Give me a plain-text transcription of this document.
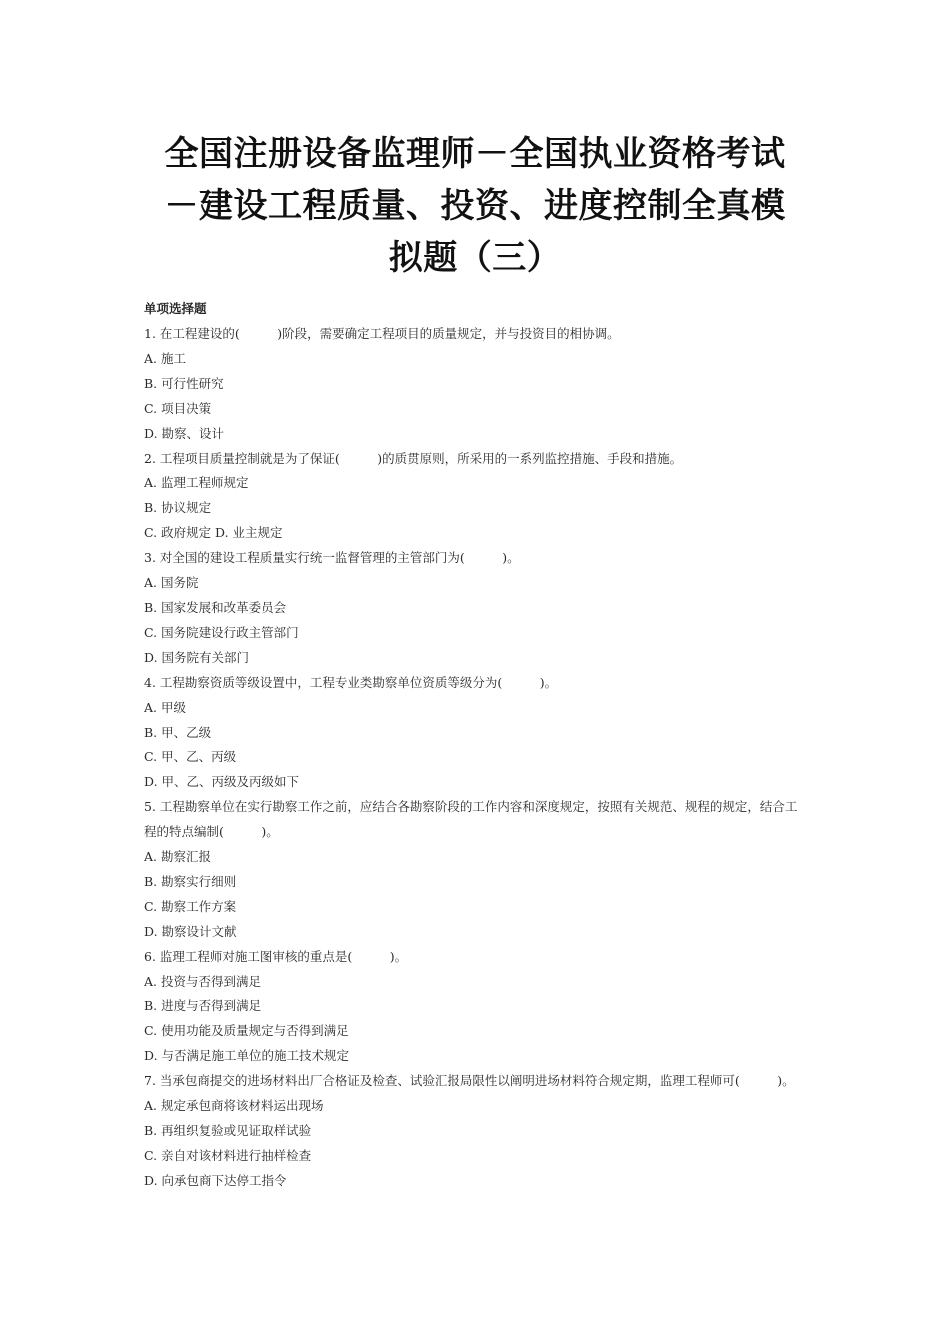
全国注册设备监理师－全国执业资格考试－建设工程质量、投资、进度控制全真模拟题（三）
单项选择题

1. 在工程建设的(　　　)阶段，需要确定工程项目的质量规定，并与投资目的相协调。

A. 施工

B. 可行性研究

C. 项目决策

D. 勘察、设计

2. 工程项目质量控制就是为了保证(　　　)的质贯原则，所采用的一系列监控措施、手段和措施。

A. 监理工程师规定

B. 协议规定

C. 政府规定 D. 业主规定

3. 对全国的建设工程质量实行统一监督管理的主管部门为(　　　)。

A. 国务院

B. 国家发展和改革委员会

C. 国务院建设行政主管部门

D. 国务院有关部门

4. 工程勘察资质等级设置中，工程专业类勘察单位资质等级分为(　　　)。

A. 甲级

B. 甲、乙级

C. 甲、乙、丙级

D. 甲、乙、丙级及丙级如下

5. 工程勘察单位在实行勘察工作之前，应结合各勘察阶段的工作内容和深度规定，按照有关规范、规程的规定，结合工程的特点编制(　　　)。

A. 勘察汇报

B. 勘察实行细则

C. 勘察工作方案

D. 勘察设计文献

6. 监理工程师对施工图审核的重点是(　　　)。

A. 投资与否得到满足

B. 进度与否得到满足

C. 使用功能及质量规定与否得到满足

D. 与否满足施工单位的施工技术规定

7. 当承包商提交的进场材料出厂合格证及检查、试验汇报局限性以阐明进场材料符合规定期，监理工程师可(　　　)。

A. 规定承包商将该材料运出现场

B. 再组织复验或见证取样试验

C. 亲自对该材料进行抽样检查

D. 向承包商下达停工指令
